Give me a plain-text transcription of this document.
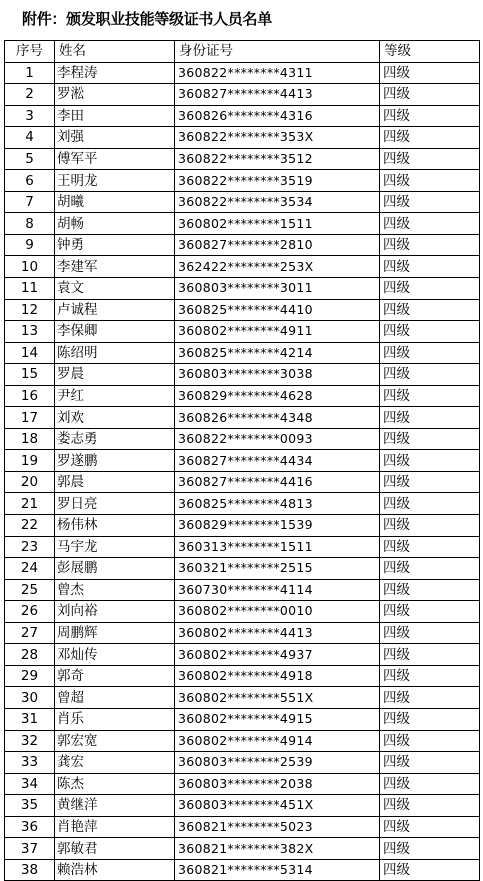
附件：颁发职业技能等级证书人员名单
序号	姓名	身份证号	等级
1	李程涛	360822********4311	四级
2	罗淞	360827********4413	四级
3	李田	360826********4316	四级
4	刘强	360822********353X	四级
5	傅军平	360822********3512	四级
6	王明龙	360822********3519	四级
7	胡曦	360822********3534	四级
8	胡畅	360802********1511	四级
9	钟勇	360827********2810	四级
10	李建军	362422********253X	四级
11	袁文	360803********3011	四级
12	卢诚程	360825********4410	四级
13	李保卿	360802********4911	四级
14	陈绍明	360825********4214	四级
15	罗晨	360803********3038	四级
16	尹红	360829********4628	四级
17	刘欢	360826********4348	四级
18	娄志勇	360822********0093	四级
19	罗遂鹏	360827********4434	四级
20	郭晨	360827********4416	四级
21	罗日亮	360825********4813	四级
22	杨伟林	360829********1539	四级
23	马宇龙	360313********1511	四级
24	彭展鹏	360321********2515	四级
25	曾杰	360730********4114	四级
26	刘向裕	360802********0010	四级
27	周鹏辉	360802********4413	四级
28	邓灿传	360802********4937	四级
29	郭奇	360802********4918	四级
30	曾超	360802********551X	四级
31	肖乐	360802********4915	四级
32	郭宏宽	360802********4914	四级
33	龚宏	360803********2539	四级
34	陈杰	360803********2038	四级
35	黄继洋	360803********451X	四级
36	肖艳萍	360821********5023	四级
37	郭敏君	360821********382X	四级
38	赖浩林	360821********5314	四级
